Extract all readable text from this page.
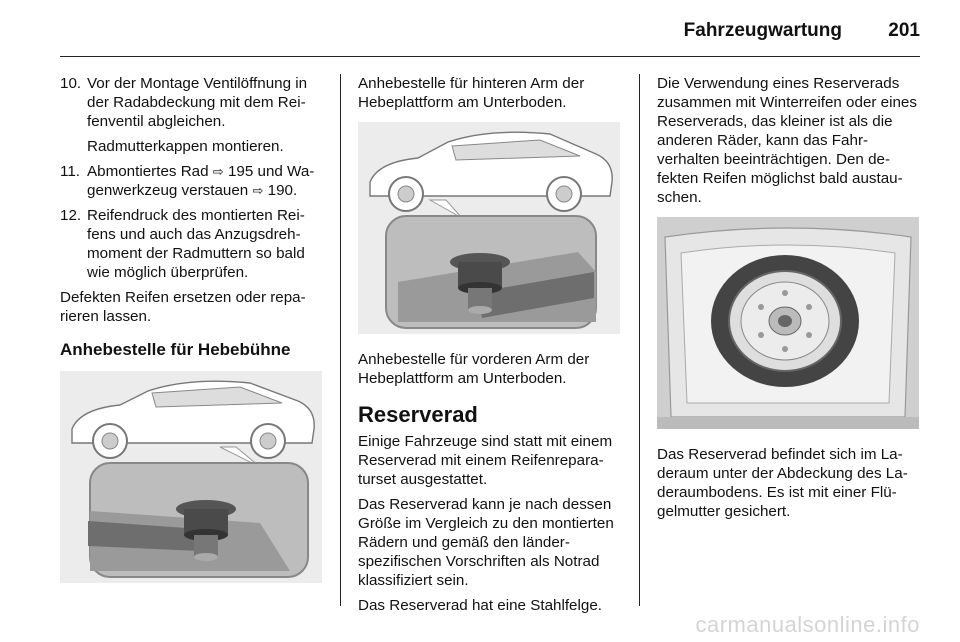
Fahrzeugwartung 201
10. Vor der Montage Ventilöffnung in der Radabdeckung mit dem Reifenventil abgleichen.
Radmutterkappen montieren.
11. Abmontiertes Rad ⇨ 195 und Wagenwerkzeug verstauen ⇨ 190.
12. Reifendruck des montierten Reifens und auch das Anzugsdrehmoment der Radmuttern so bald wie möglich überprüfen.
Defekten Reifen ersetzen oder reparieren lassen.
Anhebestelle für Hebebühne
Anhebestelle für hinteren Arm der Hebeplattform am Unterboden.
Anhebestelle für vorderen Arm der Hebeplattform am Unterboden.
Reserverad
Einige Fahrzeuge sind statt mit einem Reserverad mit einem Reifenreparaturset ausgestattet.
Das Reserverad kann je nach dessen Größe im Vergleich zu den montierten Rädern und gemäß den länderspezifischen Vorschriften als Notrad klassifiziert sein.
Das Reserverad hat eine Stahlfelge.
Die Verwendung eines Reserverads zusammen mit Winterreifen oder eines Reserverads, das kleiner ist als die anderen Räder, kann das Fahrverhalten beeinträchtigen. Den defekten Reifen möglichst bald austauschen.
Das Reserverad befindet sich im Laderaum unter der Abdeckung des Laderaumbodens. Es ist mit einer Flügelmutter gesichert.
carmanualsonline.info
